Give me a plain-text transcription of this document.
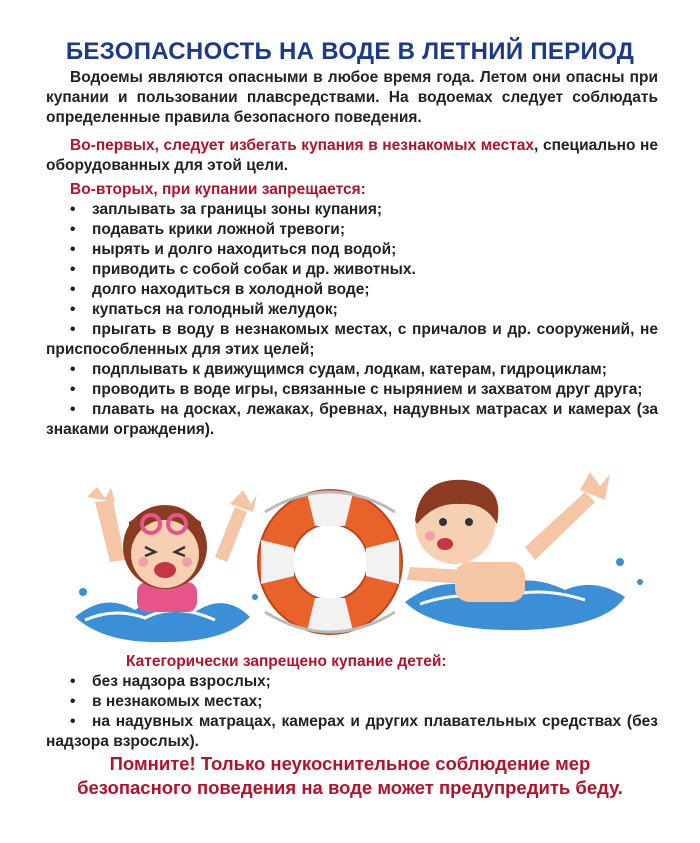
БЕЗОПАСНОСТЬ НА ВОДЕ В ЛЕТНИЙ ПЕРИОД

Водоемы являются опасными в любое время года. Летом они опасны при купании и пользовании плавсредствами. На водоемах следует соблюдать определенные правила безопасного поведения.

Во-первых, следует избегать купания в незнакомых местах, специально не оборудованных для этой цели.

Во-вторых, при купании запрещается:

• заплывать за границы зоны купания;
• подавать крики ложной тревоги;
• нырять и долго находиться под водой;
• приводить с собой собак и др. животных.
• долго находиться в холодной воде;
• купаться на голодный желудок;
• прыгать в воду в незнакомых местах, с причалов и др. сооружений, не приспособленных для этих целей;
• подплывать к движущимся судам, лодкам, катерам, гидроциклам;
• проводить в воде игры, связанные с нырянием и захватом друг друга;
• плавать на досках, лежаках, бревнах, надувных матрасах и камерах (за знаками ограждения).

Категорически запрещено купание детей:

• без надзора взрослых;
• в незнакомых местах;
• на надувных матрацах, камерах и других плавательных средствах (без надзора взрослых).

Помните! Только неукоснительное соблюдение мер

безопасного поведения на воде может предупредить беду.
